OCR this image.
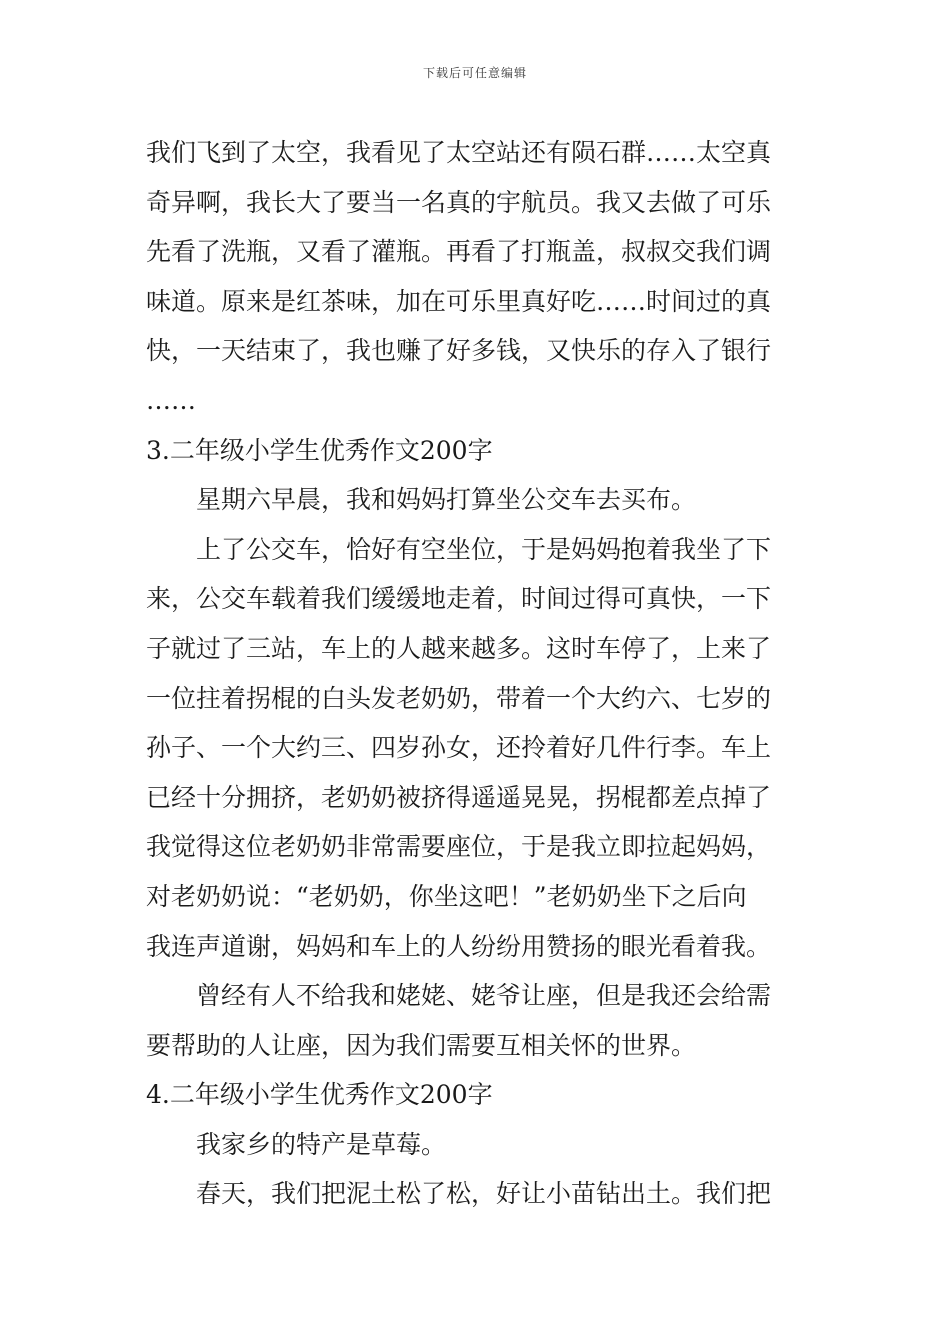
下载后可任意编辑
我们飞到了太空，我看见了太空站还有陨石群……太空真
奇异啊，我长大了要当一名真的宇航员。我又去做了可乐
先看了洗瓶，又看了灌瓶。再看了打瓶盖，叔叔交我们调
味道。原来是红茶味，加在可乐里真好吃……时间过的真
快，一天结束了，我也赚了好多钱，又快乐的存入了银行
……
3.二年级小学生优秀作文200字
星期六早晨，我和妈妈打算坐公交车去买布。
上了公交车，恰好有空坐位，于是妈妈抱着我坐了下
来，公交车载着我们缓缓地走着，时间过得可真快，一下
子就过了三站，车上的人越来越多。这时车停了，上来了
一位拄着拐棍的白头发老奶奶，带着一个大约六、七岁的
孙子、一个大约三、四岁孙女，还拎着好几件行李。车上
已经十分拥挤，老奶奶被挤得遥遥晃晃，拐棍都差点掉了
我觉得这位老奶奶非常需要座位，于是我立即拉起妈妈，
对老奶奶说：“老奶奶，你坐这吧！”老奶奶坐下之后向
我连声道谢，妈妈和车上的人纷纷用赞扬的眼光看着我。
曾经有人不给我和姥姥、姥爷让座，但是我还会给需
要帮助的人让座，因为我们需要互相关怀的世界。
4.二年级小学生优秀作文200字
我家乡的特产是草莓。
春天，我们把泥土松了松，好让小苗钻出土。我们把
